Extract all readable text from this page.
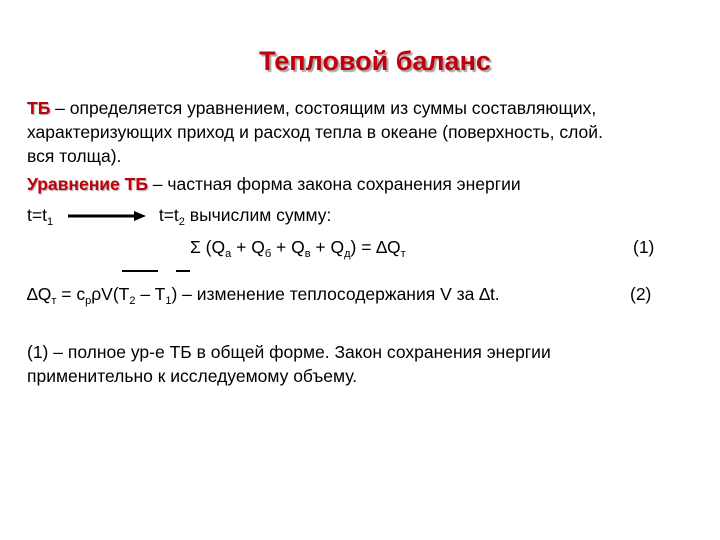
Тепловой баланс
ТБ – определяется уравнением, состоящим из суммы составляющих,
характеризующих приход и расход тепла в океане (поверхность, слой.
вся толща).
Уравнение ТБ – частная форма закона сохранения энергии
$t=t_1$	$t=t_2$ вычислим сумму:
Σ $(Q_а + Q_б + Q_в + Q_д) = \Delta Q_т$	(1)
$\Delta Q_т = c_p\rho V(T_2 - T_1)$ – изменение теплосодержания V за ∆t.	(2)
(1) – полное ур-е ТБ в общей форме. Закон сохранения энергии
применительно к исследуемому объему.
